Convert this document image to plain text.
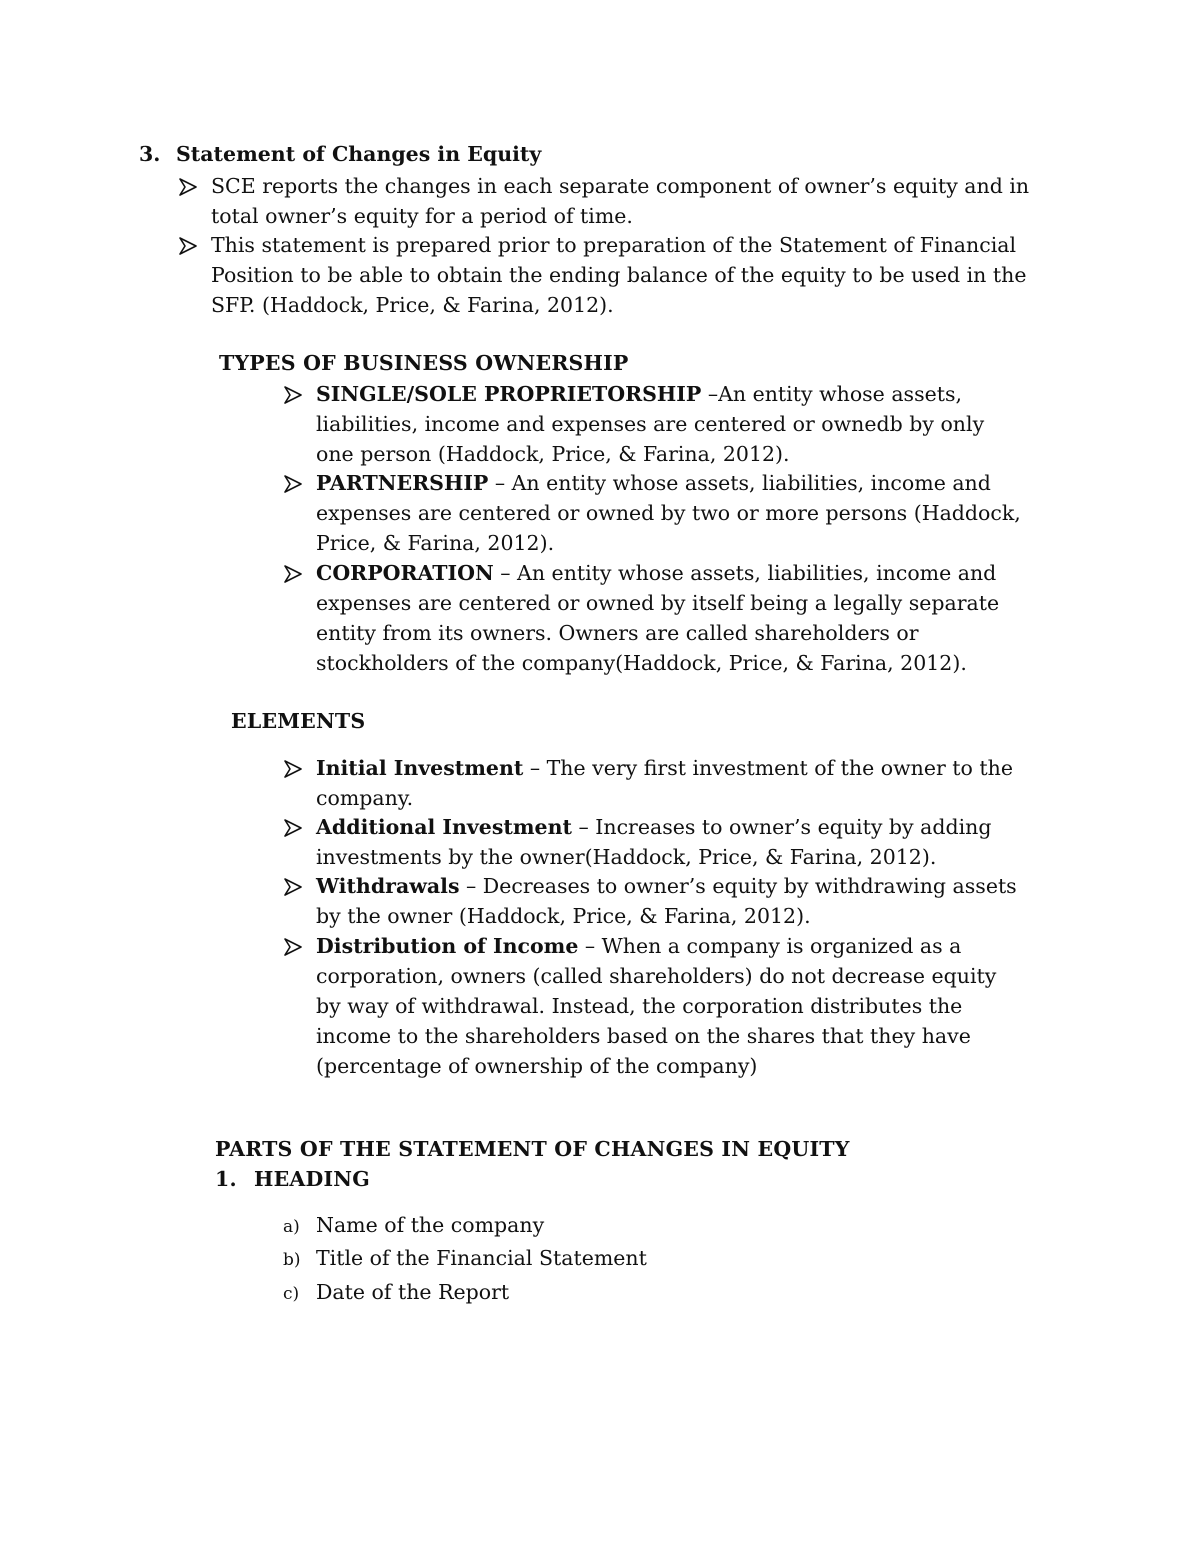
3. Statement of Changes in Equity
SCE reports the changes in each separate component of owner’s equity and in
total owner’s equity for a period of time.
This statement is prepared prior to preparation of the Statement of Financial
Position to be able to obtain the ending balance of the equity to be used in the
SFP. (Haddock, Price, & Farina, 2012).
TYPES OF BUSINESS OWNERSHIP
SINGLE/SOLE PROPRIETORSHIP –An entity whose assets,
liabilities, income and expenses are centered or ownedb by only
one person (Haddock, Price, & Farina, 2012).
PARTNERSHIP – An entity whose assets, liabilities, income and
expenses are centered or owned by two or more persons (Haddock,
Price, & Farina, 2012).
CORPORATION – An entity whose assets, liabilities, income and
expenses are centered or owned by itself being a legally separate
entity from its owners. Owners are called shareholders or
stockholders of the company(Haddock, Price, & Farina, 2012).
ELEMENTS
Initial Investment – The very first investment of the owner to the
company.
Additional Investment – Increases to owner’s equity by adding
investments by the owner(Haddock, Price, & Farina, 2012).
Withdrawals – Decreases to owner’s equity by withdrawing assets
by the owner (Haddock, Price, & Farina, 2012).
Distribution of Income – When a company is organized as a
corporation, owners (called shareholders) do not decrease equity
by way of withdrawal. Instead, the corporation distributes the
income to the shareholders based on the shares that they have
(percentage of ownership of the company)
PARTS OF THE STATEMENT OF CHANGES IN EQUITY
1. HEADING
a) Name of the company
b) Title of the Financial Statement
c) Date of the Report
